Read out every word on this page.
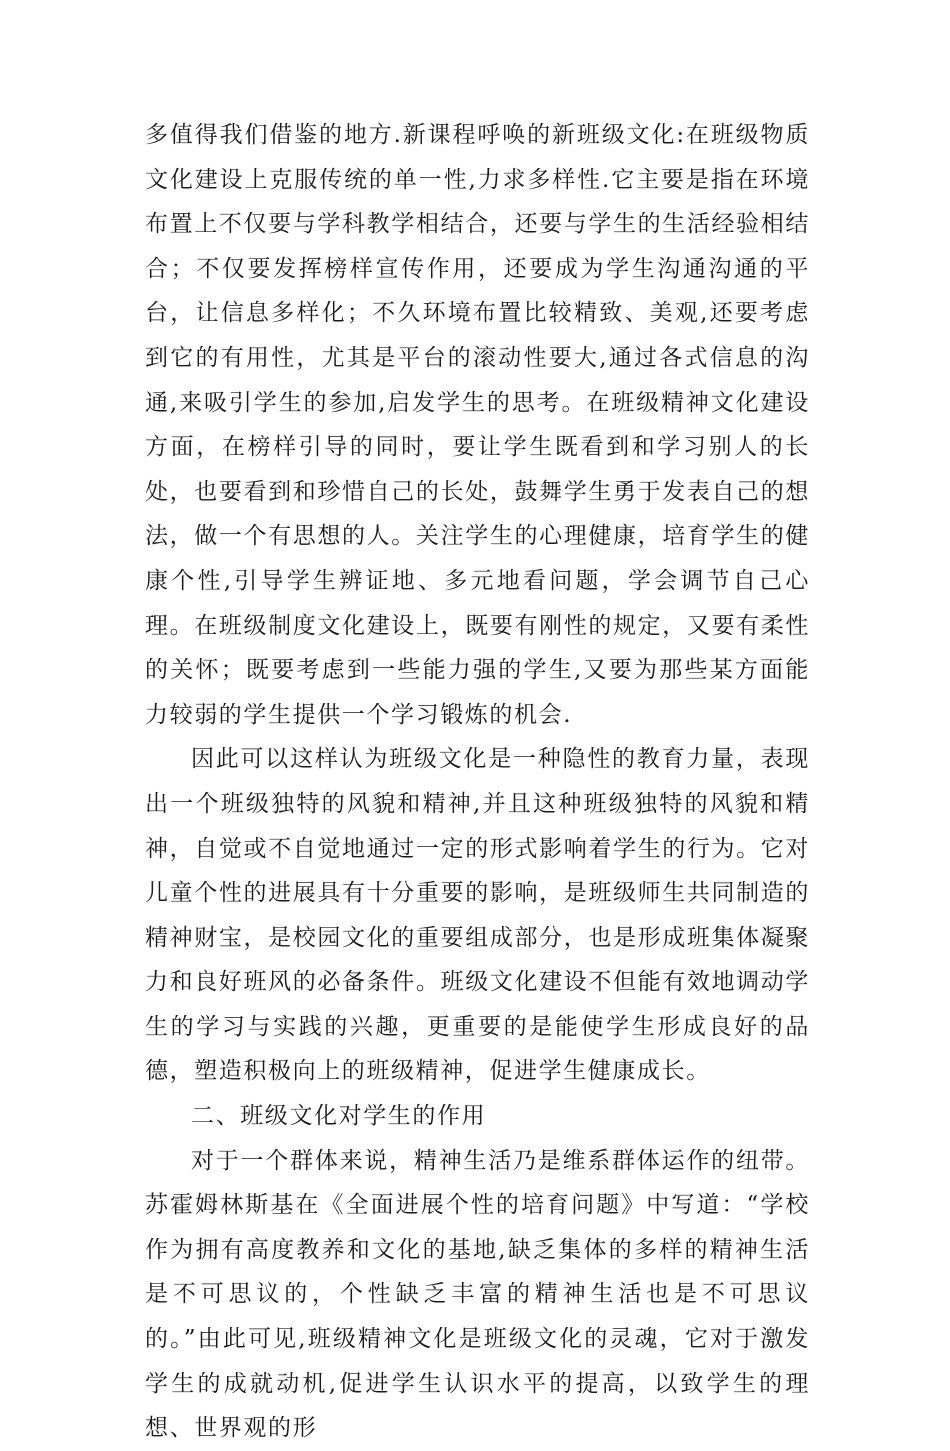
多值得我们借鉴的地方.新课程呼唤的新班级文化:在班级物质文化建设上克服传统的单一性,力求多样性.它主要是指在环境布置上不仅要与学科教学相结合，还要与学生的生活经验相结合；不仅要发挥榜样宣传作用，还要成为学生沟通沟通的平台，让信息多样化；不久环境布置比较精致、美观,还要考虑到它的有用性，尤其是平台的滚动性要大,通过各式信息的沟通,来吸引学生的参加,启发学生的思考。在班级精神文化建设方面，在榜样引导的同时，要让学生既看到和学习别人的长处，也要看到和珍惜自己的长处，鼓舞学生勇于发表自己的想法，做一个有思想的人。关注学生的心理健康，培育学生的健康个性,引导学生辨证地、多元地看问题，学会调节自己心理。在班级制度文化建设上，既要有刚性的规定，又要有柔性的关怀；既要考虑到一些能力强的学生,又要为那些某方面能力较弱的学生提供一个学习锻炼的机会.

因此可以这样认为班级文化是一种隐性的教育力量，表现出一个班级独特的风貌和精神,并且这种班级独特的风貌和精神，自觉或不自觉地通过一定的形式影响着学生的行为。它对儿童个性的进展具有十分重要的影响，是班级师生共同制造的精神财宝，是校园文化的重要组成部分，也是形成班集体凝聚力和良好班风的必备条件。班级文化建设不但能有效地调动学生的学习与实践的兴趣，更重要的是能使学生形成良好的品德，塑造积极向上的班级精神，促进学生健康成长。

二、班级文化对学生的作用

对于一个群体来说，精神生活乃是维系群体运作的纽带。苏霍姆林斯基在《全面进展个性的培育问题》中写道：“学校作为拥有高度教养和文化的基地,缺乏集体的多样的精神生活是不可思议的，个性缺乏丰富的精神生活也是不可思议的。”由此可见,班级精神文化是班级文化的灵魂，它对于激发学生的成就动机,促进学生认识水平的提高，以致学生的理想、世界观的形
